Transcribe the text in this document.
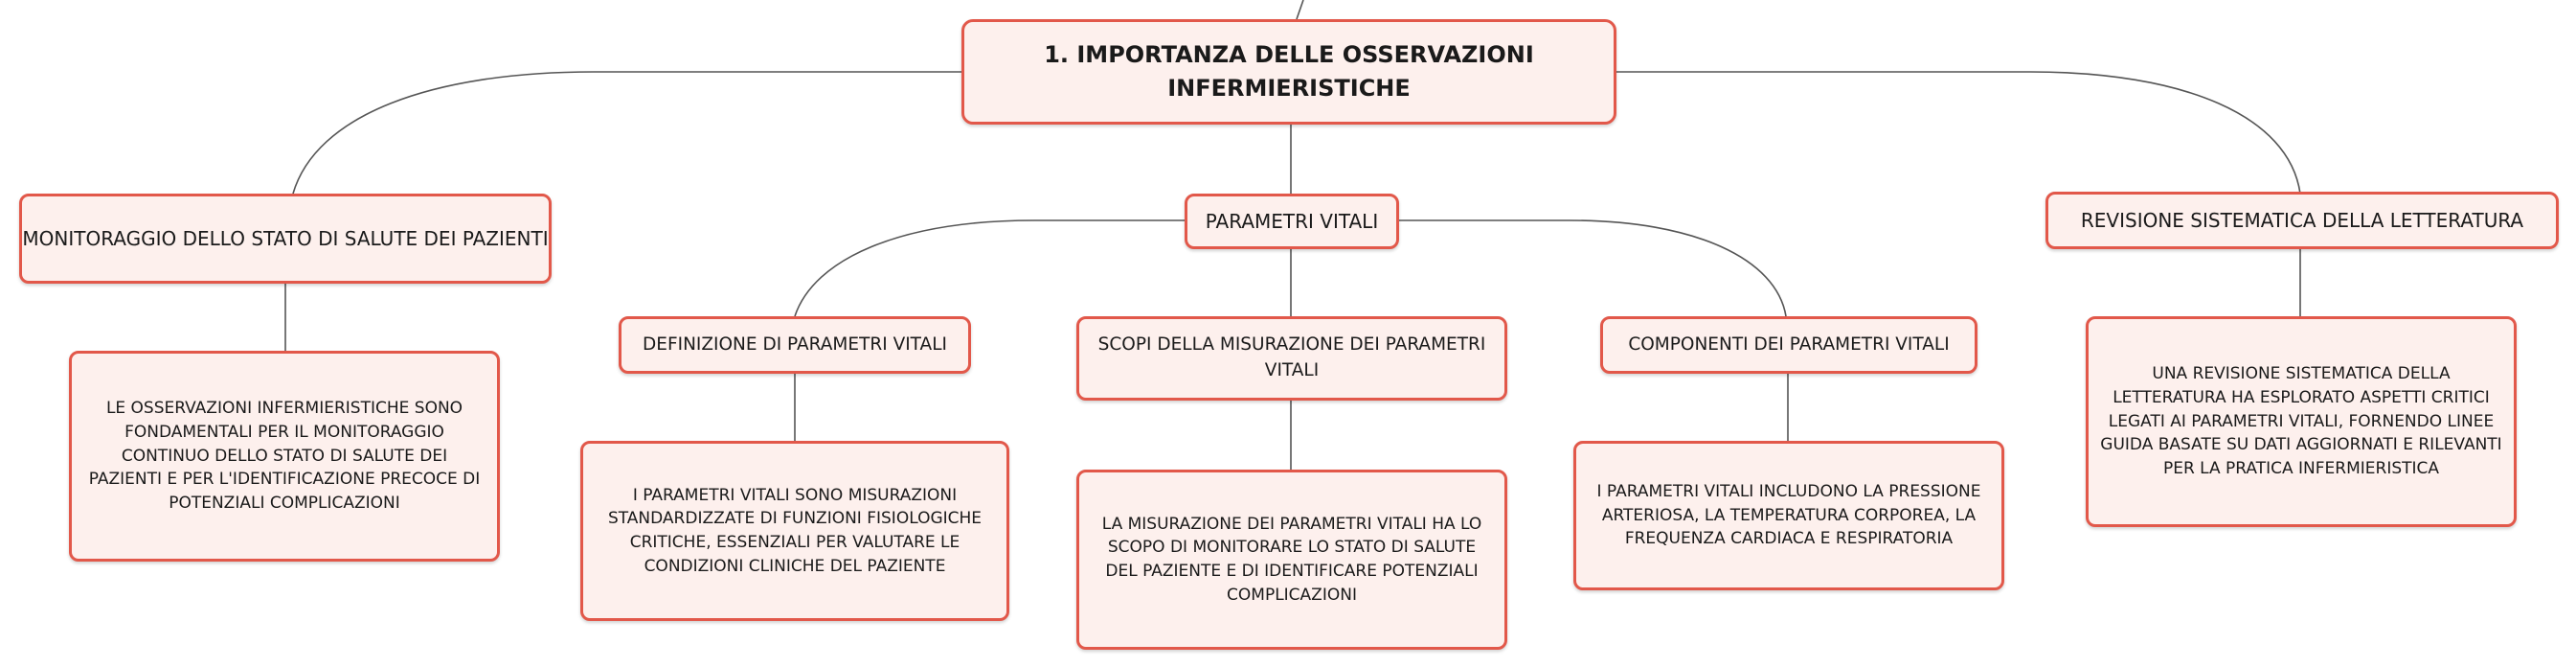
1. IMPORTANZA DELLE OSSERVAZIONI INFERMIERISTICHE
MONITORAGGIO DELLO STATO DI SALUTE DEI PAZIENTI
LE OSSERVAZIONI INFERMIERISTICHE SONO FONDAMENTALI PER IL MONITORAGGIO CONTINUO DELLO STATO DI SALUTE DEI PAZIENTI E PER L'IDENTIFICAZIONE PRECOCE DI POTENZIALI COMPLICAZIONI
PARAMETRI VITALI
DEFINIZIONE DI PARAMETRI VITALI
I PARAMETRI VITALI SONO MISURAZIONI STANDARDIZZATE DI FUNZIONI FISIOLOGICHE CRITICHE, ESSENZIALI PER VALUTARE LE CONDIZIONI CLINICHE DEL PAZIENTE
SCOPI DELLA MISURAZIONE DEI PARAMETRI VITALI
LA MISURAZIONE DEI PARAMETRI VITALI HA LO SCOPO DI MONITORARE LO STATO DI SALUTE DEL PAZIENTE E DI IDENTIFICARE POTENZIALI COMPLICAZIONI
COMPONENTI DEI PARAMETRI VITALI
I PARAMETRI VITALI INCLUDONO LA PRESSIONE ARTERIOSA, LA TEMPERATURA CORPOREA, LA FREQUENZA CARDIACA E RESPIRATORIA
REVISIONE SISTEMATICA DELLA LETTERATURA
UNA REVISIONE SISTEMATICA DELLA LETTERATURA HA ESPLORATO ASPETTI CRITICI LEGATI AI PARAMETRI VITALI, FORNENDO LINEE GUIDA BASATE SU DATI AGGIORNATI E RILEVANTI PER LA PRATICA INFERMIERISTICA
